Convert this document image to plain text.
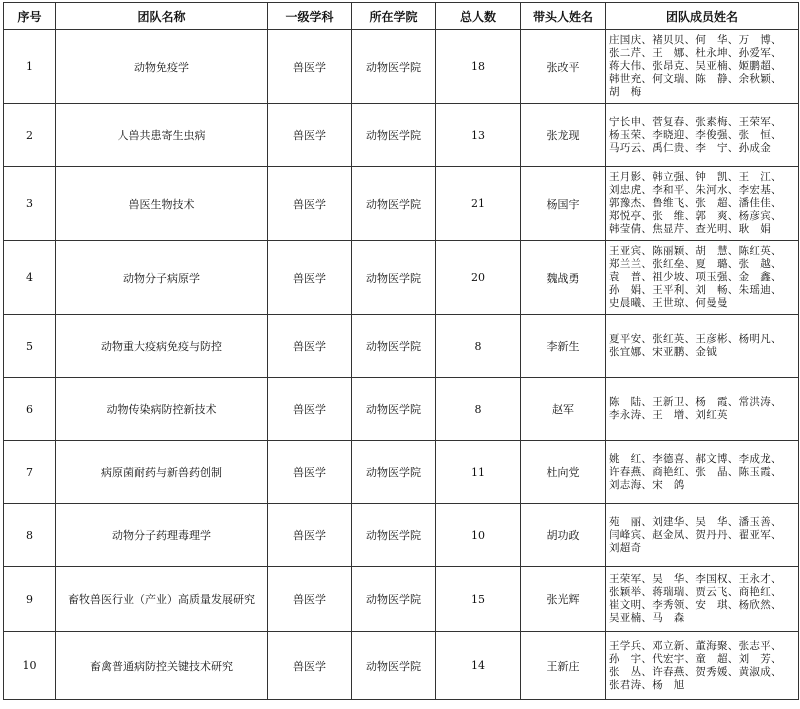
序号	团队名称	一级学科	所在学院	总人数	带头人姓名	团队成员姓名
1	动物免疫学	兽医学	动物医学院	18	张改平	庄国庆、褚贝贝、何　华、万　博、
张二芹、王　娜、杜永坤、孙爱军、
蒋大伟、张昂克、吴亚楠、姬鹏超、
韩世充、何文瑞、陈　静、余秋颖、
胡　梅

2	人兽共患寄生虫病	兽医学	动物医学院	13	张龙现	宁长申、菅复春、张素梅、王荣军、
杨玉荣、李晓迎、李俊强、张　恒、
马巧云、禹仁贵、李　宁、孙成金

3	兽医生物技术	兽医学	动物医学院	21	杨国宇	王月影、韩立强、钟　凯、王　江、
刘忠虎、李和平、朱河水、李宏基、
郭豫杰、鲁维飞、张　超、潘佳佳、
郑悦亭、张　维、郭　爽、杨彦宾、
韩莹倩、焦显芹、查光明、耿　娟

4	动物分子病原学	兽医学	动物医学院	20	魏战勇	王亚宾、陈丽颖、胡　慧、陈红英、
郑兰兰、张红垒、夏　璐、张　越、
袁　普、祖少坡、项玉强、金　鑫、
孙　娟、王平利、刘　畅、朱瑶迪、
史晨曦、王世琼、何曼曼

5	动物重大疫病免疫与防控	兽医学	动物医学院	8	李新生	夏平安、张红英、王彦彬、杨明凡、
张宜娜、宋亚鹏、金钺

6	动物传染病防控新技术	兽医学	动物医学院	8	赵军	陈　陆、王新卫、杨　霞、常洪涛、
李永涛、王　增、刘红英

7	病原菌耐药与新兽药创制	兽医学	动物医学院	11	杜向党	姚　红、李德喜、郝文博、李成龙、
许春燕、商艳红、张　晶、陈玉霞、
刘志海、宋　鸽

8	动物分子药理毒理学	兽医学	动物医学院	10	胡功政	苑　丽、刘建华、吴　华、潘玉善、
闫峰宾、赵金凤、贺丹丹、翟亚军、
刘超奇

9	畜牧兽医行业（产业）高质量发展研究	兽医学	动物医学院	15	张光辉	王荣军、吴　华、李国权、王永才、
张颖举、蒋瑞瑞、贾云飞、商艳红、
崔文明、李秀领、安　琪、杨欣然、
吴亚楠、马　森

10	畜禽普通病防控关键技术研究	兽医学	动物医学院	14	王新庄	王学兵、邓立新、董海聚、张志平、
孙　宇、代宏宇、童　超、刘　芳、
张　丛、许春燕、贺秀媛、黄淑成、
张君涛、杨　旭
